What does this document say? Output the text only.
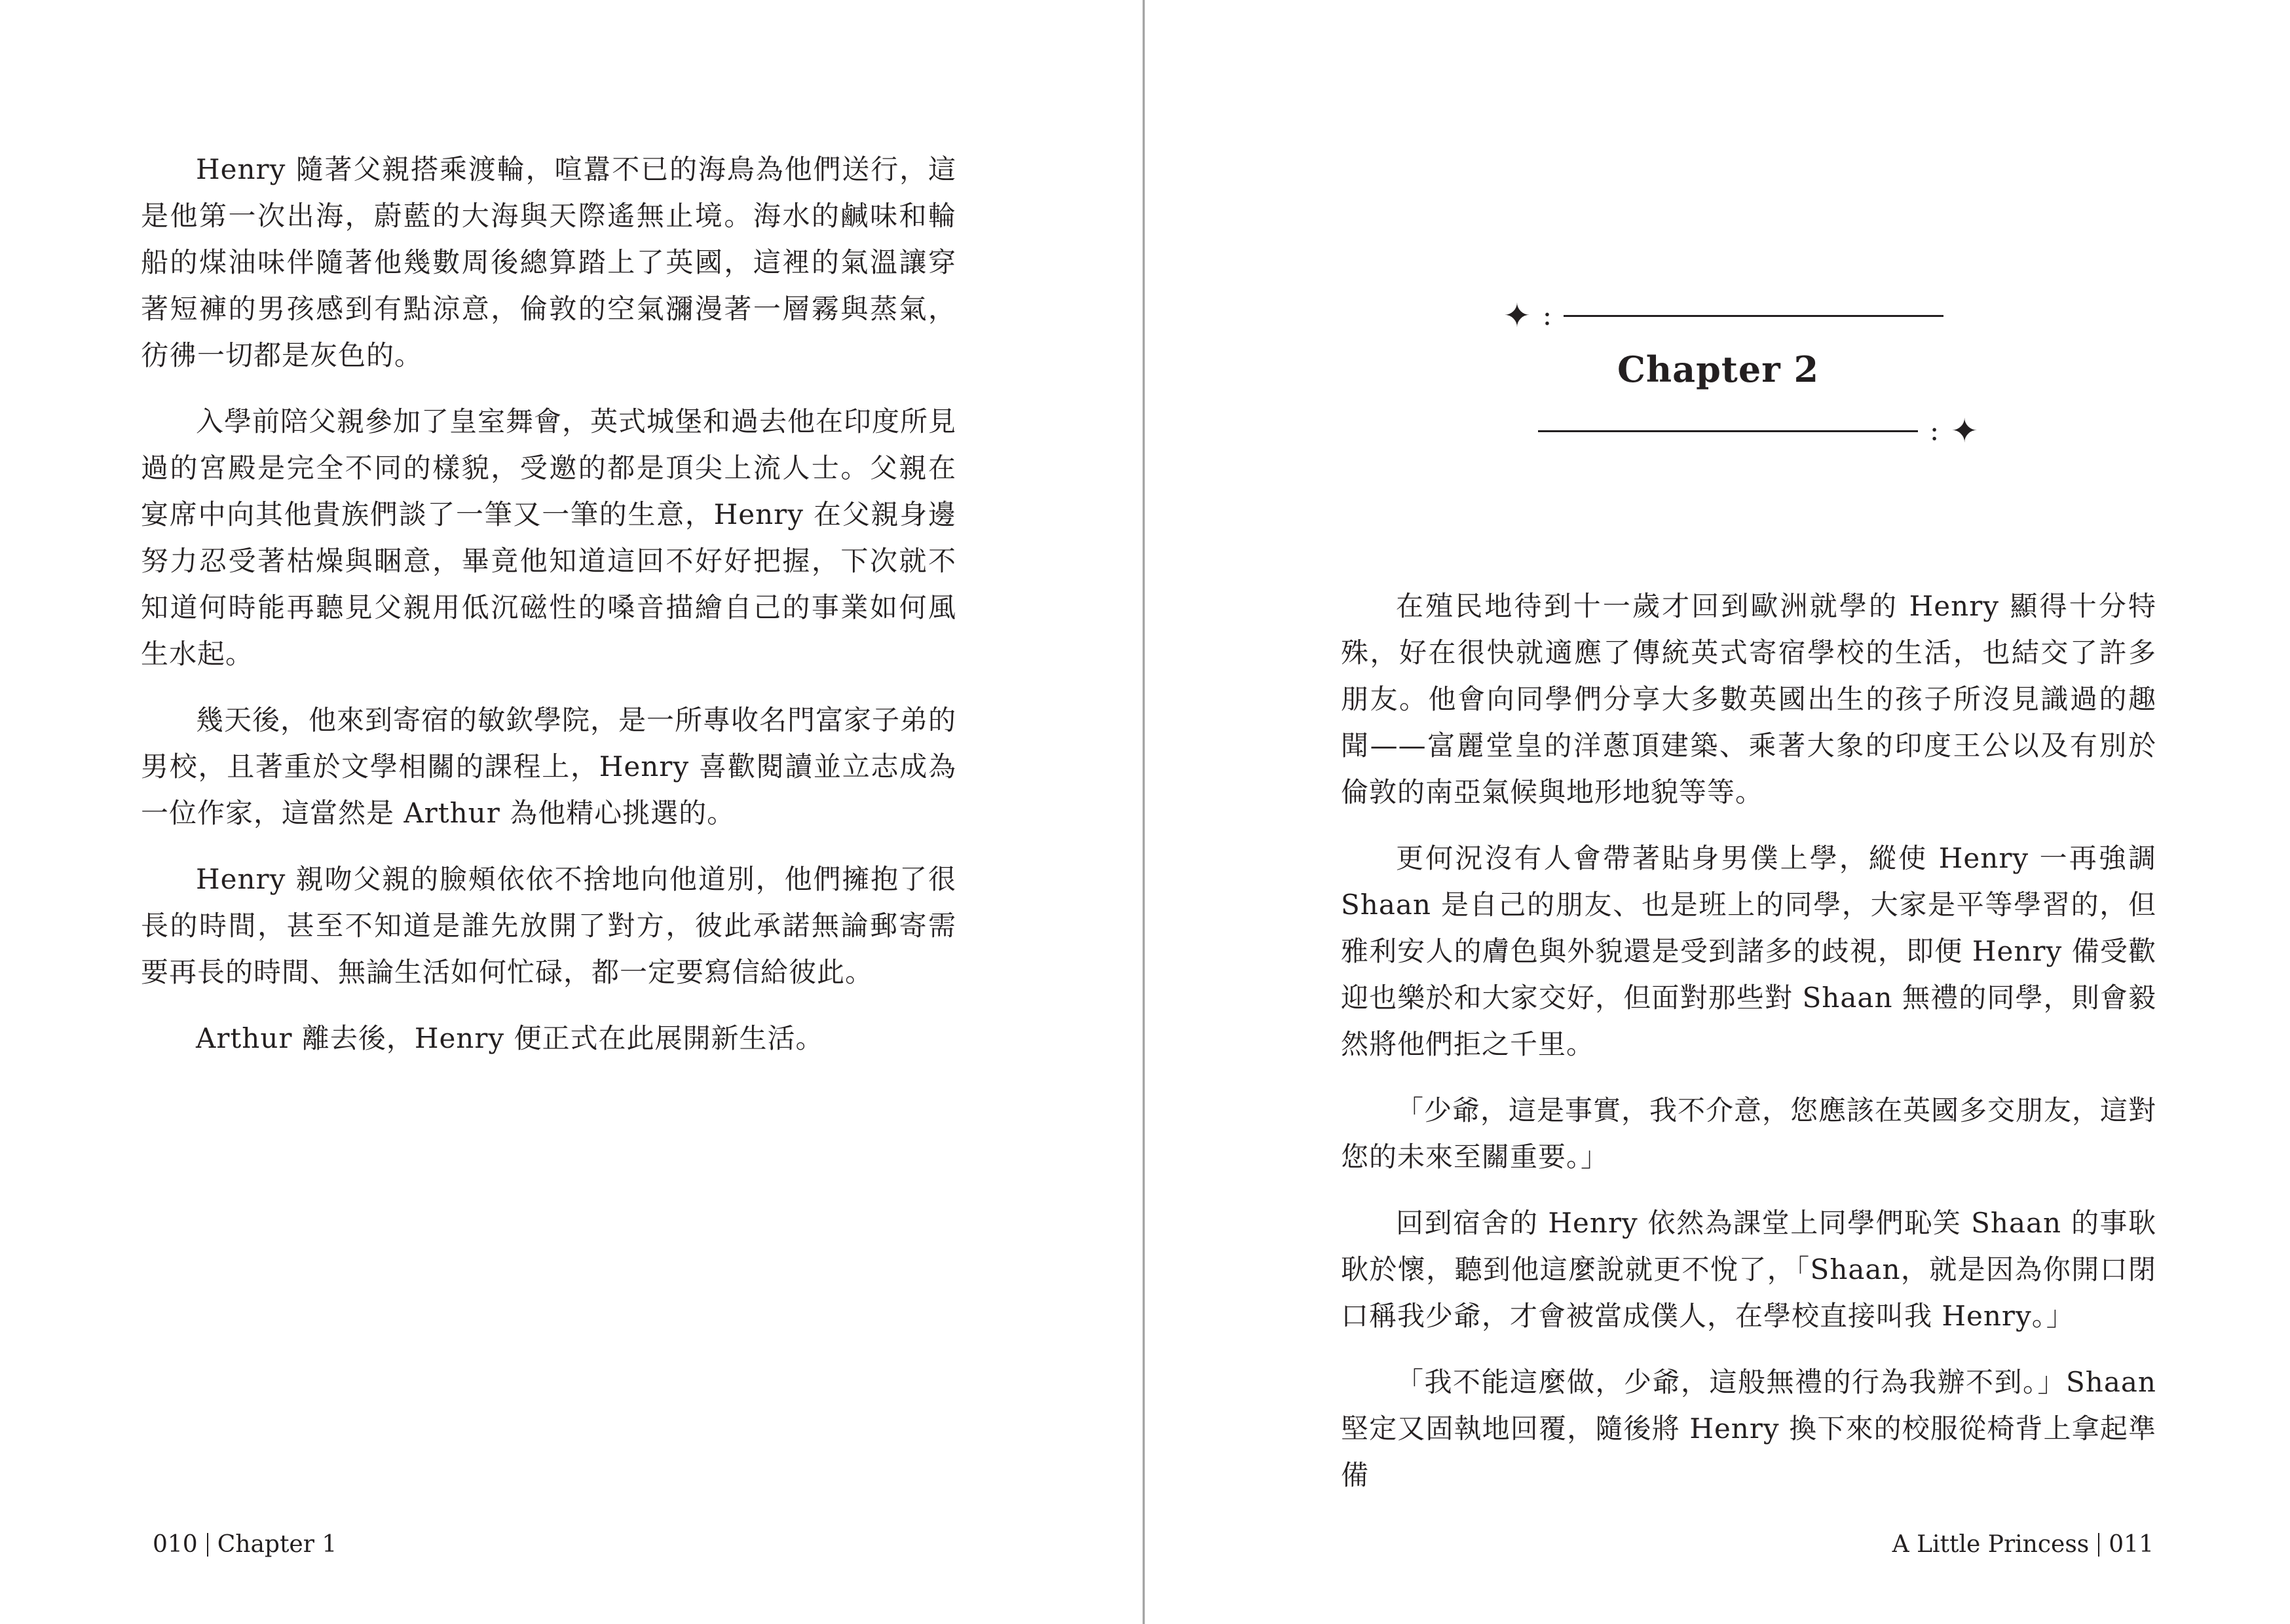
Henry 隨著父親搭乘渡輪，喧囂不已的海鳥為他們送行，這是他第一次出海，蔚藍的大海與天際遙無止境。海水的鹹味和輪船的煤油味伴隨著他幾數周後總算踏上了英國，這裡的氣溫讓穿著短褲的男孩感到有點涼意，倫敦的空氣瀰漫著一層霧與蒸氣，彷彿一切都是灰色的。

入學前陪父親參加了皇室舞會，英式城堡和過去他在印度所見過的宮殿是完全不同的樣貌，受邀的都是頂尖上流人士。父親在宴席中向其他貴族們談了一筆又一筆的生意，Henry 在父親身邊努力忍受著枯燥與睏意，畢竟他知道這回不好好把握，下次就不知道何時能再聽見父親用低沉磁性的嗓音描繪自己的事業如何風生水起。

幾天後，他來到寄宿的敏欽學院，是一所專收名門富家子弟的男校，且著重於文學相關的課程上，Henry 喜歡閱讀並立志成為一位作家，這當然是 Arthur 為他精心挑選的。

Henry 親吻父親的臉頰依依不捨地向他道別，他們擁抱了很長的時間，甚至不知道是誰先放開了對方，彼此承諾無論郵寄需要再長的時間、無論生活如何忙碌，都一定要寫信給彼此。

Arthur 離去後，Henry 便正式在此展開新生活。

010 Chapter 1
✦ :
Chapter 2
: ✦

在殖民地待到十一歲才回到歐洲就學的 Henry 顯得十分特殊，好在很快就適應了傳統英式寄宿學校的生活，也結交了許多朋友。他會向同學們分享大多數英國出生的孩子所沒見識過的趣聞——富麗堂皇的洋蔥頂建築、乘著大象的印度王公以及有別於倫敦的南亞氣候與地形地貌等等。

更何況沒有人會帶著貼身男僕上學，縱使 Henry 一再強調 Shaan 是自己的朋友、也是班上的同學，大家是平等學習的，但雅利安人的膚色與外貌還是受到諸多的歧視，即便 Henry 備受歡迎也樂於和大家交好，但面對那些對 Shaan 無禮的同學，則會毅然將他們拒之千里。

「少爺，這是事實，我不介意，您應該在英國多交朋友，這對您的未來至關重要。」

回到宿舍的 Henry 依然為課堂上同學們恥笑 Shaan 的事耿耿於懷，聽到他這麼說就更不悅了，「Shaan，就是因為你開口閉口稱我少爺，才會被當成僕人，在學校直接叫我 Henry。」

「我不能這麼做，少爺，這般無禮的行為我辦不到。」Shaan 堅定又固執地回覆，隨後將 Henry 換下來的校服從椅背上拿起準備

A Little Princess 011
